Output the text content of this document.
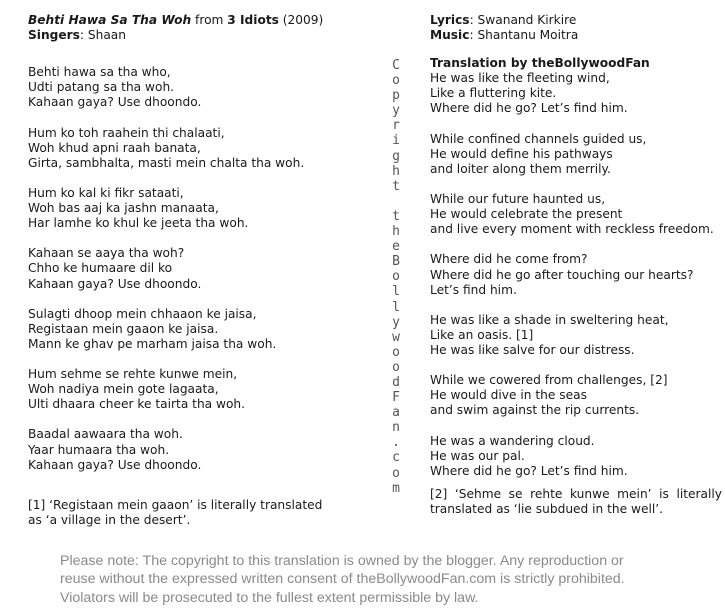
Behti Hawa Sa Tha Woh from 3 Idiots (2009)
Singers: Shaan
Behti hawa sa tha who,
Udti patang sa tha woh.
Kahaan gaya? Use dhoondo.
Hum ko toh raahein thi chalaati,
Woh khud apni raah banata,
Girta, sambhalta, masti mein chalta tha woh.
Hum ko kal ki fikr sataati,
Woh bas aaj ka jashn manaata,
Har lamhe ko khul ke jeeta tha woh.
Kahaan se aaya tha woh?
Chho ke humaare dil ko
Kahaan gaya? Use dhoondo.
Sulagti dhoop mein chhaaon ke jaisa,
Registaan mein gaaon ke jaisa.
Mann ke ghav pe marham jaisa tha woh.
Hum sehme se rehte kunwe mein,
Woh nadiya mein gote lagaata,
Ulti dhaara cheer ke tairta tha woh.
Baadal aawaara tha woh.
Yaar humaara tha woh.
Kahaan gaya? Use dhoondo.
C
o
p
y
r
i
g
h
t
t
h
e
B
o
l
l
y
w
o
o
d
F
a
n
.
c
o
m
Lyrics: Swanand Kirkire
Music: Shantanu Moitra
Translation by theBollywoodFan
He was like the fleeting wind,
Like a fluttering kite.
Where did he go? Let’s find him.
While confined channels guided us,
He would define his pathways
and loiter along them merrily.
While our future haunted us,
He would celebrate the present
and live every moment with reckless freedom.
Where did he come from?
Where did he go after touching our hearts?
Let’s find him.
He was like a shade in sweltering heat,
Like an oasis. [1]
He was like salve for our distress.
While we cowered from challenges, [2]
He would dive in the seas
and swim against the rip currents.
He was a wandering cloud.
He was our pal.
Where did he go? Let’s find him.
[1] ‘Registaan mein gaaon’ is literally translated
as ‘a village in the desert’.
[2] ‘Sehme se rehte kunwe mein’ is literally translated as ‘lie subdued in the well’.
Please note: The copyright to this translation is owned by the blogger. Any reproduction or
reuse without the expressed written consent of theBollywoodFan.com is strictly prohibited.
Violators will be prosecuted to the fullest extent permissible by law.
